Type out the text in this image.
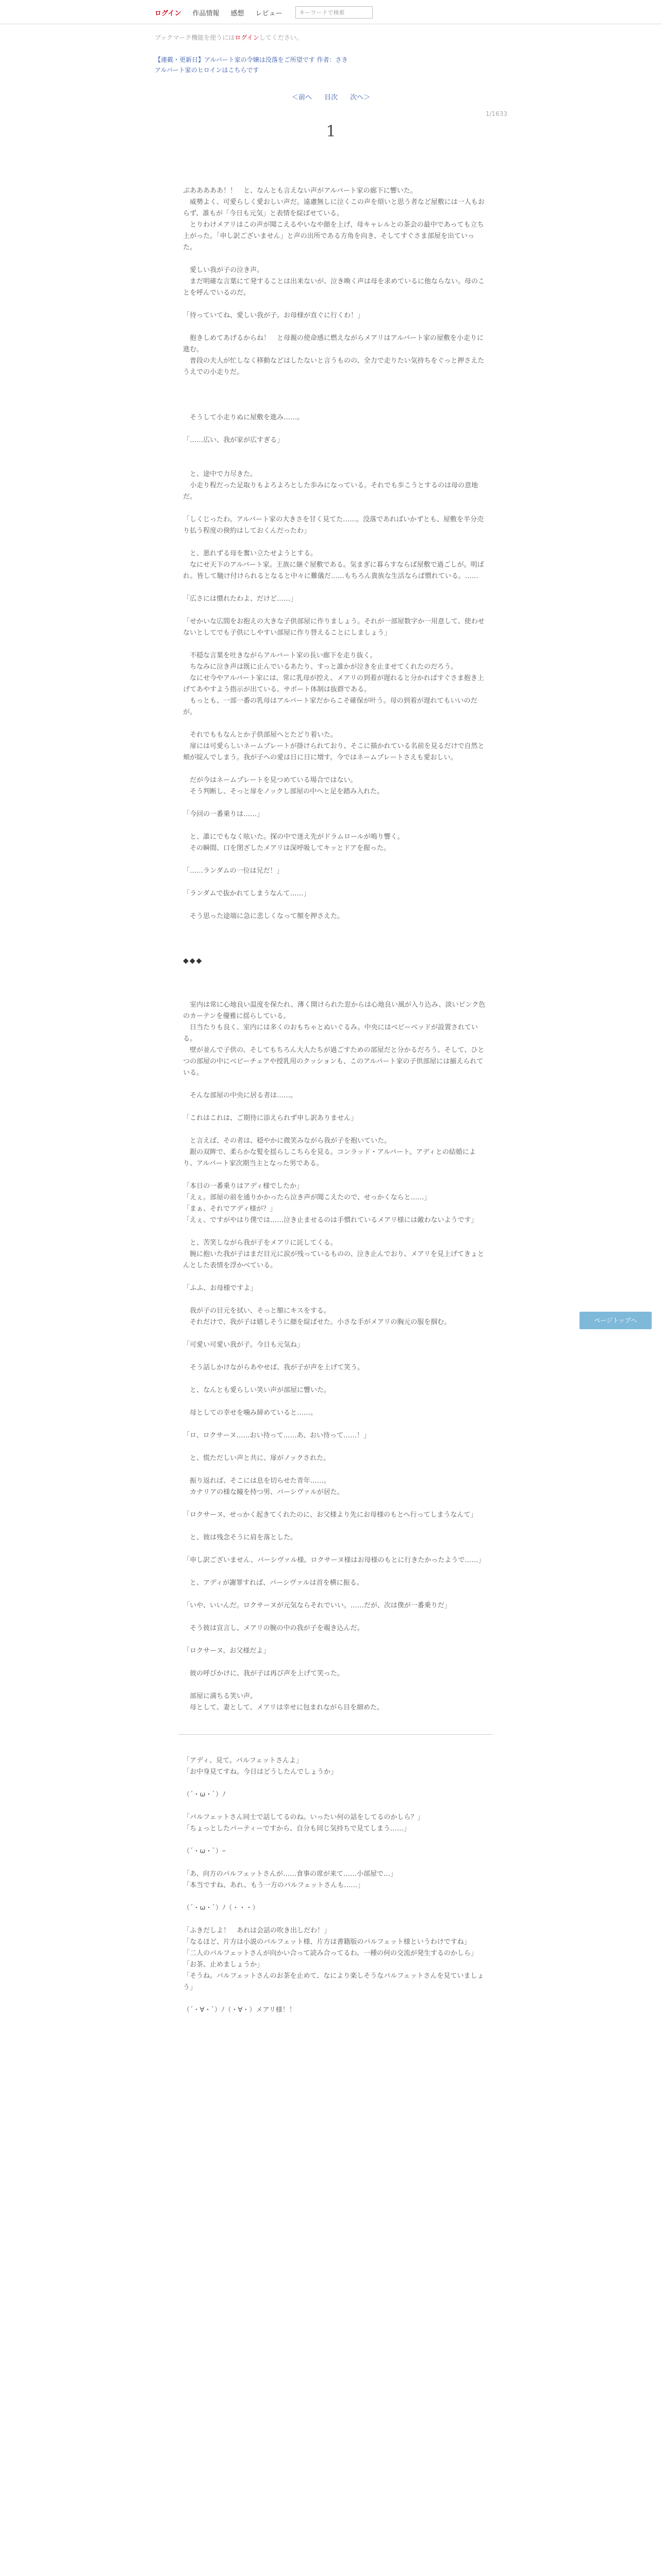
ログイン 作品情報 感想 レビュー	キーワードで検索
ブックマーク機能を使うにはログインしてください。
【連載・更新日】アルバート家の令嬢は没落をご所望です 作者：さき
アルバート家のヒロインはこちらです
＜前へ 目次 次へ＞
1/1633
1

ぶあああああ！！　と、なんとも言えない声がアルバート家の廊下に響いた。

　威勢よく、可愛らしく愛おしい声だ。遠慮無しに泣くこの声を煩いと思う者など屋敷には一人もおらず、誰もが「今日も元気」と表情を綻ばせている。

　とりわけメアリはこの声が聞こえるやいなや顔を上げ、母キャレルとの茶会の最中であっても立ち上がった。「申し訳ございません」と声の出所である方角を向き、そしてすぐさま部屋を出ていった。

　愛しい我が子の泣き声。

　まだ明確な言葉にて発することは出来ないが、泣き喚く声は母を求めているに他ならない。母のことを呼んでいるのだ。

「待っていてね、愛しい我が子。お母様が直ぐに行くわ！」

　抱きしめてあげるからね！　と母親の使命感に燃えながらメアリはアルバート家の屋敷を小走りに進む。

　普段の夫人が忙しなく移動などはしたないと言うものの、全力で走りたい気持ちをぐっと押さえたうえでの小走りだ。

　そうして小走りぬに屋敷を進み……。

「……広い、我が家が広すぎる」

　と、途中で力尽きた。

　小走り程だった足取りもよろよろとした歩みになっている。それでも歩こうとするのは母の意地だ。

「しくじったわ。アルバート家の大きさを甘く見てた……。没落であればいかずとも、屋敷を半分売り払う程度の倹約はしておくんだったわ」

　と、悪れずる母を奮い立たせようとする。

　なにせ天下のアルバート家。王族に継ぐ屋敷である。気まぎに暮らすならば屋敷で過ごしが。明ばれ。皆して馳け付けられるとなると中々に難儀だ……もちろん貴族な生活ならば慣れている。……

「広さには慣れたわよ、だけど……」

「せかいな広間をお抱えの大きな子供部屋に作りましょう。それが一部屋数字か一用意して、使わせないとしてでも子供にしやすい部屋に作り替えることにしましょう」

　不穏な言葉を吐きながらアルバート家の長い廊下を走り抜く。

　ちなみに泣き声は既に止んでいるあたり、すっと誰かが泣きを止ませてくれたのだろう。

　なにせ今やアルバート家には、常に乳母が控え、メアリの到着が遅れると分かればすぐさま抱き上げてあやすよう指示が出ている。サポート体制は抜群である。

　もっとも、一部一番の乳母はアルバート家だからこそ確保が叶う。母の到着が遅れてもいいのだが。

　それでももなんとか子供部屋へとたどり着いた。

　扉には可愛らしいネームプレートが掛けられており、そこに描かれている名前を見るだけで自然と頬が綻んでしまう。我が子への愛は日に日に増す。今ではネームプレートさえも愛おしい。

　だが今はネームプレートを見つめている場合ではない。

　そう判断し、そっと扉をノックし部屋の中へと足を踏み入れた。

「今回の一番乗りは……」

　と、誰にでもなく呟いた。探の中で迷え先がドラムロールが鳴り響く。

　その瞬間、口を閉ざしたメアリは深呼吸してキッとドアを握った。

「……ランダムの一位は兄だ！」

「ランダムで抜かれてしまうなんて……」

　そう思った途端に急に悲しくなって額を押さえた。

◆◆◆

　室内は常に心地良い温度を保たれ、薄く開けられた窓からは心地良い風が入り込み、淡いピンク色のカーテンを優雅に揺らしている。

　日当たりも良く、室内には多くのおもちゃとぬいぐるみ。中央にはベビーベッドが設置されている。

　壁が並んで子供の、そしてもちろん大人たちが過ごすための部屋だと分かるだろう。そして、ひとつの部屋の中にベビーチェアや授乳用のクッションも、このアルバート家の子供部屋には揃えられている。

　そんな部屋の中央に居る者は……。

「これはこれは、ご期待に添えられず申し訳ありません」

　と言えば、その者は、穏やかに微笑みながら我が子を抱いていた。

　銀の双眸で、柔らかな髪を揺らしこちらを見る。コンラッド・アルバート。アディとの結婚により、アルバート家次期当主となった男である。

「本日の一番乗りはアディ様でしたか」

「えぇ。部屋の前を通りかかったら泣き声が聞こえたので、せっかくならと……」

「まぁ、それでアディ様が？」

「えぇ、ですがやはり僕では……泣き止ませるのは手慣れているメアリ様には敵わないようです」

　と、苦笑しながら我が子をメアリに託してくる。

　腕に抱いた我が子はまだ目元に涙が残っているものの、泣き止んでおり、メアリを見上げてきょとんとした表情を浮かべている。

「ふふ、お母様ですよ」

　我が子の目元を拭い、そっと額にキスをする。

　それだけで、我が子は嬉しそうに顔を綻ばせた。小さな手がメアリの胸元の服を掴む。

「可愛い可愛い我が子。今日も元気ね」

　そう話しかけながらあやせば、我が子が声を上げて笑う。

　と、なんとも愛らしい笑い声が部屋に響いた。

　母としての幸せを噛み締めていると……。

「ロ、ロクサーヌ……おい待って……あ、おい待って……！」

　と、慌ただしい声と共に、扉がノックされた。

　振り返れば、そこには息を切らせた青年……。

　カナリアの様な瞳を持つ男、パーシヴァルが居た。

「ロクサーヌ、せっかく起きてくれたのに、お父様より先にお母様のもとへ行ってしまうなんて」

　と、彼は残念そうに肩を落とした。

「申し訳ございません、パーシヴァル様。ロクサーヌ様はお母様のもとに行きたかったようで……」

　と、アディが謝罪すれば、パーシヴァルは首を横に振る。

「いや、いいんだ。ロクサーヌが元気ならそれでいい。……だが、次は僕が一番乗りだ」

　そう彼は宣言し、メアリの腕の中の我が子を覗き込んだ。

「ロクサーヌ、お父様だよ」

　彼の呼びかけに、我が子は再び声を上げて笑った。

　部屋に満ちる笑い声。

　母として、妻として、メアリは幸せに包まれながら目を細めた。

「アディ、見て。パルフェットさんよ」

「お中身見てすね。今日はどうしたんでしょうか」

（´・ω・`）ﾉ

「パルフェットさん同士で話してるのね。いったい何の話をしてるのかしら？」

「ちょっとしたパーティーですから、自分も同じ気持ちで見てしまう……」

（´・ω・`）ｰ

「あ、向方のパルフェットさんが……食事の席が来て……小部屋で…」

「本当ですね、あれ、もう一方のパルフェットさんも……」

（´・ω・`）ﾉ（・・・）

「ふきだしよ！　あれは会話の吹き出しだわ！」

「なるほど、片方は小説のパルフェット様、片方は書籍版のパルフェット様というわけですね」

「二人のパルフェットさんが向かい合って読み合ってるわ。一種の何の交流が発生するのかしら」

「お茶、止めましょうか」

「そうね。パルフェットさんのお茶を止めて、なにより楽しそうなパルフェットさんを見ていましょう」

（´・∀・`）ﾉ（・∀・）メアリ様！！

ページトップへ
